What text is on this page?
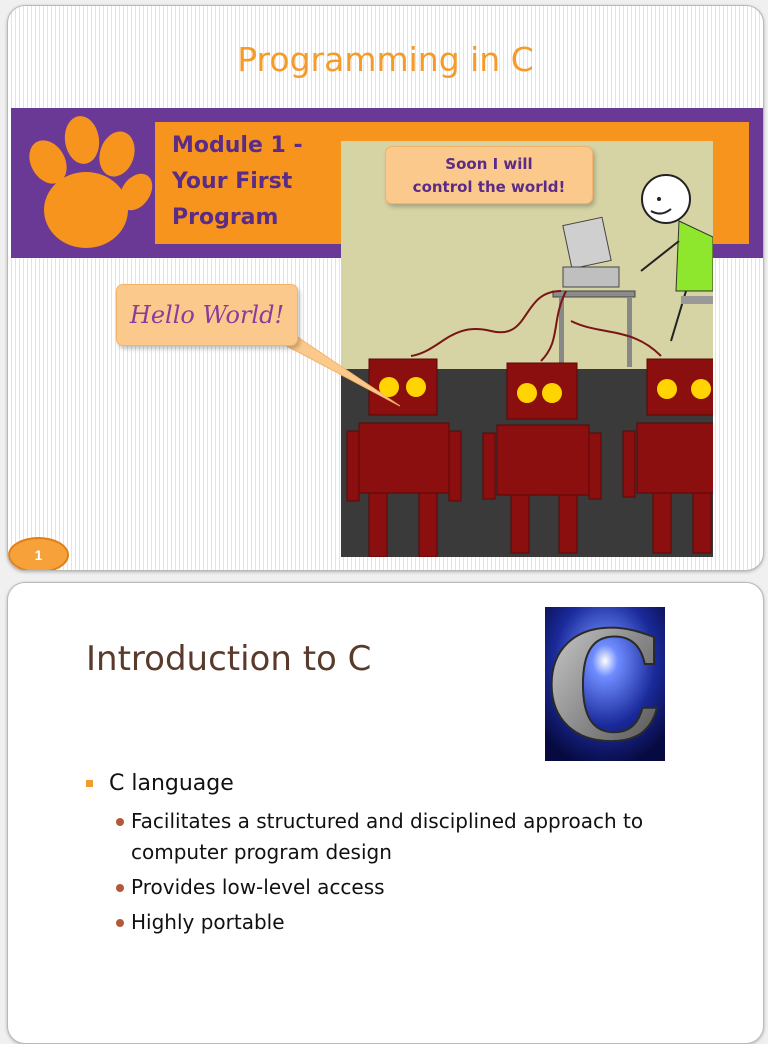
Programming in C
Module 1 -
Your First
Program
Soon I will
control the world!
Hello World!
1
Introduction to C C
C language
Facilitates a structured and disciplined approach to computer program design
Provides low-level access
Highly portable
